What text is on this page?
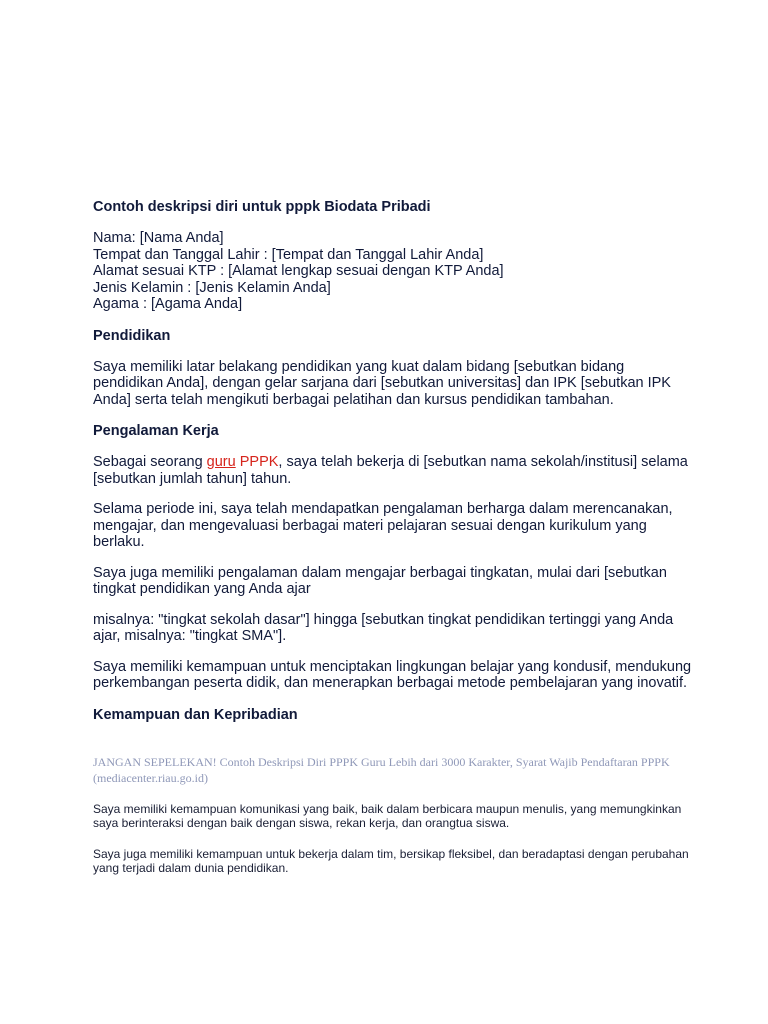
Contoh deskripsi diri untuk pppk Biodata Pribadi
Nama: [Nama Anda]
Tempat dan Tanggal Lahir : [Tempat dan Tanggal Lahir Anda]
Alamat sesuai KTP : [Alamat lengkap sesuai dengan KTP Anda]
Jenis Kelamin : [Jenis Kelamin Anda]
Agama : [Agama Anda]
Pendidikan
Saya memiliki latar belakang pendidikan yang kuat dalam bidang [sebutkan bidang pendidikan Anda], dengan gelar sarjana dari [sebutkan universitas] dan IPK [sebutkan IPK Anda] serta telah mengikuti berbagai pelatihan dan kursus pendidikan tambahan.
Pengalaman Kerja
Sebagai seorang guru PPPK, saya telah bekerja di [sebutkan nama sekolah/institusi] selama [sebutkan jumlah tahun] tahun.
Selama periode ini, saya telah mendapatkan pengalaman berharga dalam merencanakan, mengajar, dan mengevaluasi berbagai materi pelajaran sesuai dengan kurikulum yang berlaku.
Saya juga memiliki pengalaman dalam mengajar berbagai tingkatan, mulai dari [sebutkan tingkat pendidikan yang Anda ajar
misalnya: "tingkat sekolah dasar"] hingga [sebutkan tingkat pendidikan tertinggi yang Anda ajar, misalnya: "tingkat SMA"].
Saya memiliki kemampuan untuk menciptakan lingkungan belajar yang kondusif, mendukung perkembangan peserta didik, dan menerapkan berbagai metode pembelajaran yang inovatif.
Kemampuan dan Kepribadian
JANGAN SEPELEKAN! Contoh Deskripsi Diri PPPK Guru Lebih dari 3000 Karakter, Syarat Wajib Pendaftaran PPPK (mediacenter.riau.go.id)
Saya memiliki kemampuan komunikasi yang baik, baik dalam berbicara maupun menulis, yang memungkinkan saya berinteraksi dengan baik dengan siswa, rekan kerja, dan orangtua siswa.
Saya juga memiliki kemampuan untuk bekerja dalam tim, bersikap fleksibel, dan beradaptasi dengan perubahan yang terjadi dalam dunia pendidikan.
